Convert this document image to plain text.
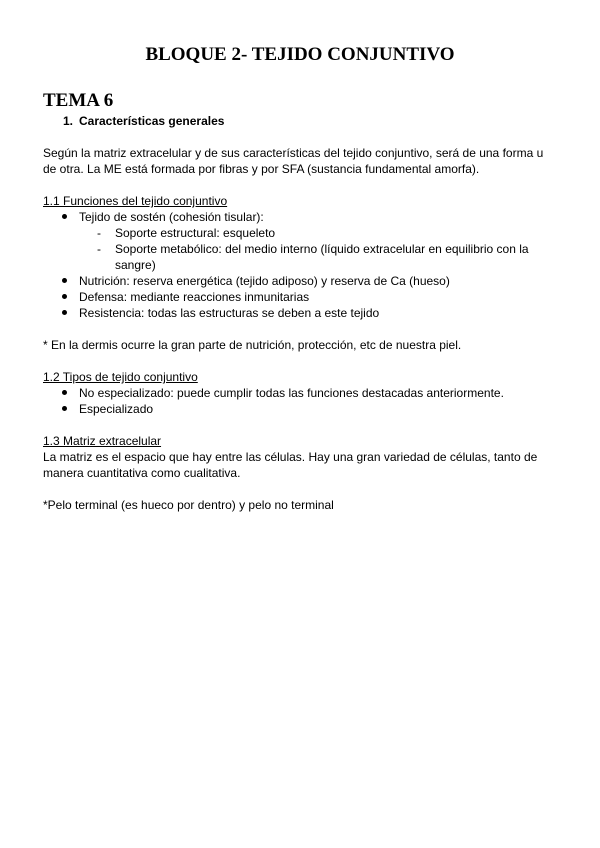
BLOQUE 2- TEJIDO CONJUNTIVO
TEMA 6
1. Características generales
Según la matriz extracelular y de sus características del tejido conjuntivo, será de una forma u
de otra. La ME está formada por fibras y por SFA (sustancia fundamental amorfa).
1.1 Funciones del tejido conjuntivo
Tejido de sostén (cohesión tisular):
- Soporte estructural: esqueleto
- Soporte metabólico: del medio interno (líquido extracelular en equilibrio con la
sangre)
Nutrición: reserva energética (tejido adiposo) y reserva de Ca (hueso)
Defensa: mediante reacciones inmunitarias
Resistencia: todas las estructuras se deben a este tejido
* En la dermis ocurre la gran parte de nutrición, protección, etc de nuestra piel.
1.2 Tipos de tejido conjuntivo
No especializado: puede cumplir todas las funciones destacadas anteriormente.
Especializado
1.3 Matriz extracelular
La matriz es el espacio que hay entre las células. Hay una gran variedad de células, tanto de
manera cuantitativa como cualitativa.
*Pelo terminal (es hueco por dentro) y pelo no terminal
